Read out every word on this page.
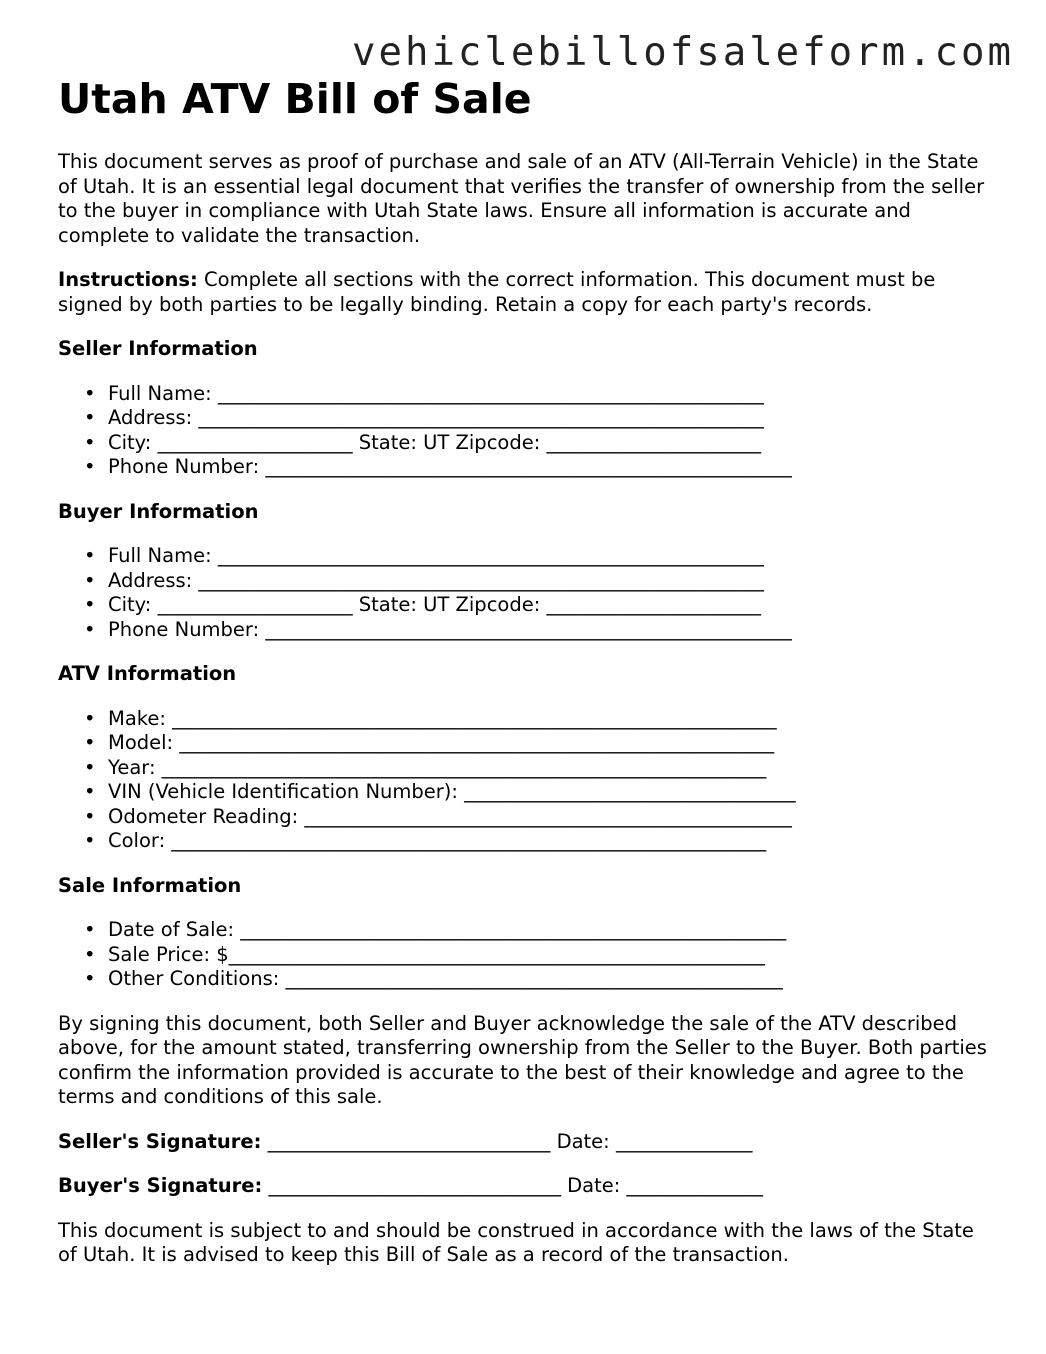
vehiclebillofsaleform.com
Utah ATV Bill of Sale

This document serves as proof of purchase and sale of an ATV (All-Terrain Vehicle) in the State of Utah. It is an essential legal document that verifies the transfer of ownership from the seller to the buyer in compliance with Utah State laws. Ensure all information is accurate and complete to validate the transaction.

Instructions: Complete all sections with the correct information. This document must be signed by both parties to be legally binding. Retain a copy for each party's records.

Seller Information
• Full Name: ________________________________________________________
• Address: __________________________________________________________
• City: ____________________ State: UT Zipcode: ______________________
• Phone Number: ______________________________________________________
Buyer Information
• Full Name: ________________________________________________________
• Address: __________________________________________________________
• City: ____________________ State: UT Zipcode: ______________________
• Phone Number: ______________________________________________________
ATV Information
• Make: ______________________________________________________________
• Model: _____________________________________________________________
• Year: ______________________________________________________________
• VIN (Vehicle Identification Number): __________________________________
• Odometer Reading: __________________________________________________
• Color: _____________________________________________________________
Sale Information
• Date of Sale: ________________________________________________________
• Sale Price: $_______________________________________________________
• Other Conditions: ___________________________________________________

By signing this document, both Seller and Buyer acknowledge the sale of the ATV described above, for the amount stated, transferring ownership from the Seller to the Buyer. Both parties confirm the information provided is accurate to the best of their knowledge and agree to the terms and conditions of this sale.

Seller's Signature: _____________________________ Date: ______________
Buyer's Signature: ______________________________ Date: ______________

This document is subject to and should be construed in accordance with the laws of the State of Utah. It is advised to keep this Bill of Sale as a record of the transaction.
